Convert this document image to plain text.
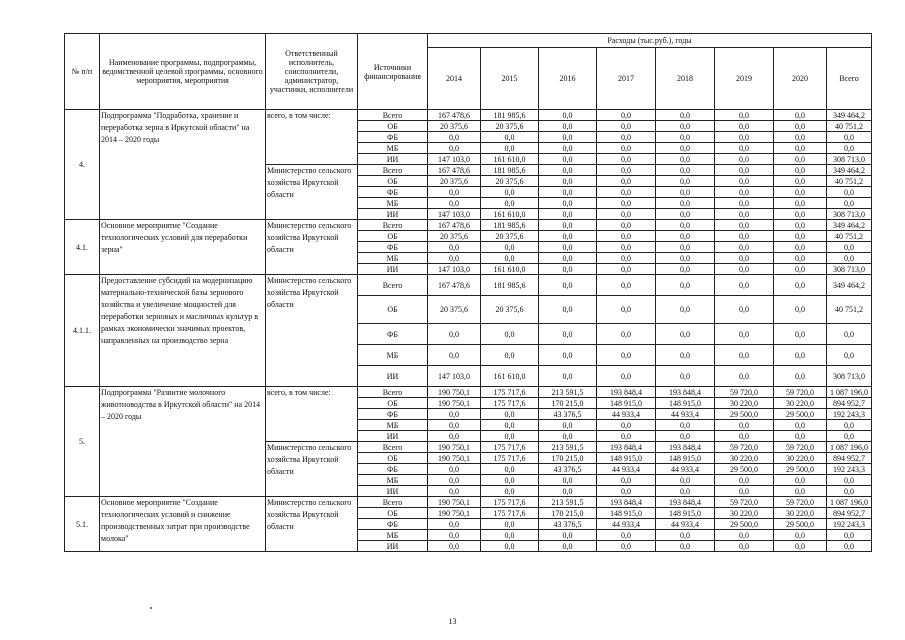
№ п/п	Наименование программы, подпрограммы, ведомственной целевой программы, основного мероприятия, мероприятия	Ответственный исполнитель, соисполнители, администратор, участники, исполнители	Источники финансирования	Расходы (тыс.руб.), годы							
				2014	2015	2016	2017	2018	2019	2020	Всего
4.	Подпрограмма "Подработка, хранение и переработка зерна в Иркутской области" на 2014 – 2020 годы	всего, в том числе:	Всего	167 478,6	181 985,6	0,0	0,0	0,0	0,0	0,0	349 464,2
			ОБ	20 375,6	20 375,6	0,0	0,0	0,0	0,0	0,0	40 751,2
			ФБ	0,0	0,0	0,0	0,0	0,0	0,0	0,0	0,0
			МБ	0,0	0,0	0,0	0,0	0,0	0,0	0,0	0,0
			ИИ	147 103,0	161 610,0	0,0	0,0	0,0	0,0	0,0	308 713,0
		Министерство сельского хозяйства Иркутской области	Всего	167 478,6	181 985,6	0,0	0,0	0,0	0,0	0,0	349 464,2
			ОБ	20 375,6	20 375,6	0,0	0,0	0,0	0,0	0,0	40 751,2
			ФБ	0,0	0,0	0,0	0,0	0,0	0,0	0,0	0,0
			МБ	0,0	0,0	0,0	0,0	0,0	0,0	0,0	0,0
			ИИ	147 103,0	161 610,0	0,0	0,0	0,0	0,0	0,0	308 713,0
4.1.	Основное мероприятие "Создание технологических условий для переработки зерна"	Министерство сельского хозяйства Иркутской области	Всего	167 478,6	181 985,6	0,0	0,0	0,0	0,0	0,0	349 464,2
			ОБ	20 375,6	20 375,6	0,0	0,0	0,0	0,0	0,0	40 751,2
			ФБ	0,0	0,0	0,0	0,0	0,0	0,0	0,0	0,0
			МБ	0,0	0,0	0,0	0,0	0,0	0,0	0,0	0,0
			ИИ	147 103,0	161 610,0	0,0	0,0	0,0	0,0	0,0	308 713,0
4.1.1.	Предоставление субсидий на модернизацию материально-технической базы зернового хозяйства и увеличение мощностей для переработки зерновых и масличных культур в рамках экономически значимых проектов, направленных на производство зерна	Министерство сельского хозяйства Иркутской области	Всего	167 478,6	181 985,6	0,0	0,0	0,0	0,0	0,0	349 464,2
			ОБ	20 375,6	20 375,6	0,0	0,0	0,0	0,0	0,0	40 751,2
			ФБ	0,0	0,0	0,0	0,0	0,0	0,0	0,0	0,0
			МБ	0,0	0,0	0,0	0,0	0,0	0,0	0,0	0,0
			ИИ	147 103,0	161 610,0	0,0	0,0	0,0	0,0	0,0	308 713,0
5.	Подпрограмма "Развитие молочного животноводства в Иркутской области" на 2014 – 2020 годы	всего, в том числе:	Всего	190 750,1	175 717,6	213 591,5	193 848,4	193 848,4	59 720,0	59 720,0	1 087 196,0
			ОБ	190 750,1	175 717,6	170 215,0	148 915,0	148 915,0	30 220,0	30 220,0	894 952,7
			ФБ	0,0	0,0	43 376,5	44 933,4	44 933,4	29 500,0	29 500,0	192 243,3
			МБ	0,0	0,0	0,0	0,0	0,0	0,0	0,0	0,0
			ИИ	0,0	0,0	0,0	0,0	0,0	0,0	0,0	0,0
		Министерство сельского хозяйства Иркутской области	Всего	190 750,1	175 717,6	213 591,5	193 848,4	193 848,4	59 720,0	59 720,0	1 087 196,0
			ОБ	190 750,1	175 717,6	170 215,0	148 915,0	148 915,0	30 220,0	30 220,0	894 952,7
			ФБ	0,0	0,0	43 376,5	44 933,4	44 933,4	29 500,0	29 500,0	192 243,3
			МБ	0,0	0,0	0,0	0,0	0,0	0,0	0,0	0,0
			ИИ	0,0	0,0	0,0	0,0	0,0	0,0	0,0	0,0
5.1.	Основное мероприятие "Создание технологических условий и снижение производственных затрат при производстве молока"	Министерство сельского хозяйства Иркутской области	Всего	190 750,1	175 717,6	213 591,5	193 848,4	193 848,4	59 720,0	59 720,0	1 087 196,0
			ОБ	190 750,1	175 717,6	170 215,0	148 915,0	148 915,0	30 220,0	30 220,0	894 952,7
			ФБ	0,0	0,0	43 376,5	44 933,4	44 933,4	29 500,0	29 500,0	192 243,3
			МБ	0,0	0,0	0,0	0,0	0,0	0,0	0,0	0,0
			ИИ	0,0	0,0	0,0	0,0	0,0	0,0	0,0	0,0
13
